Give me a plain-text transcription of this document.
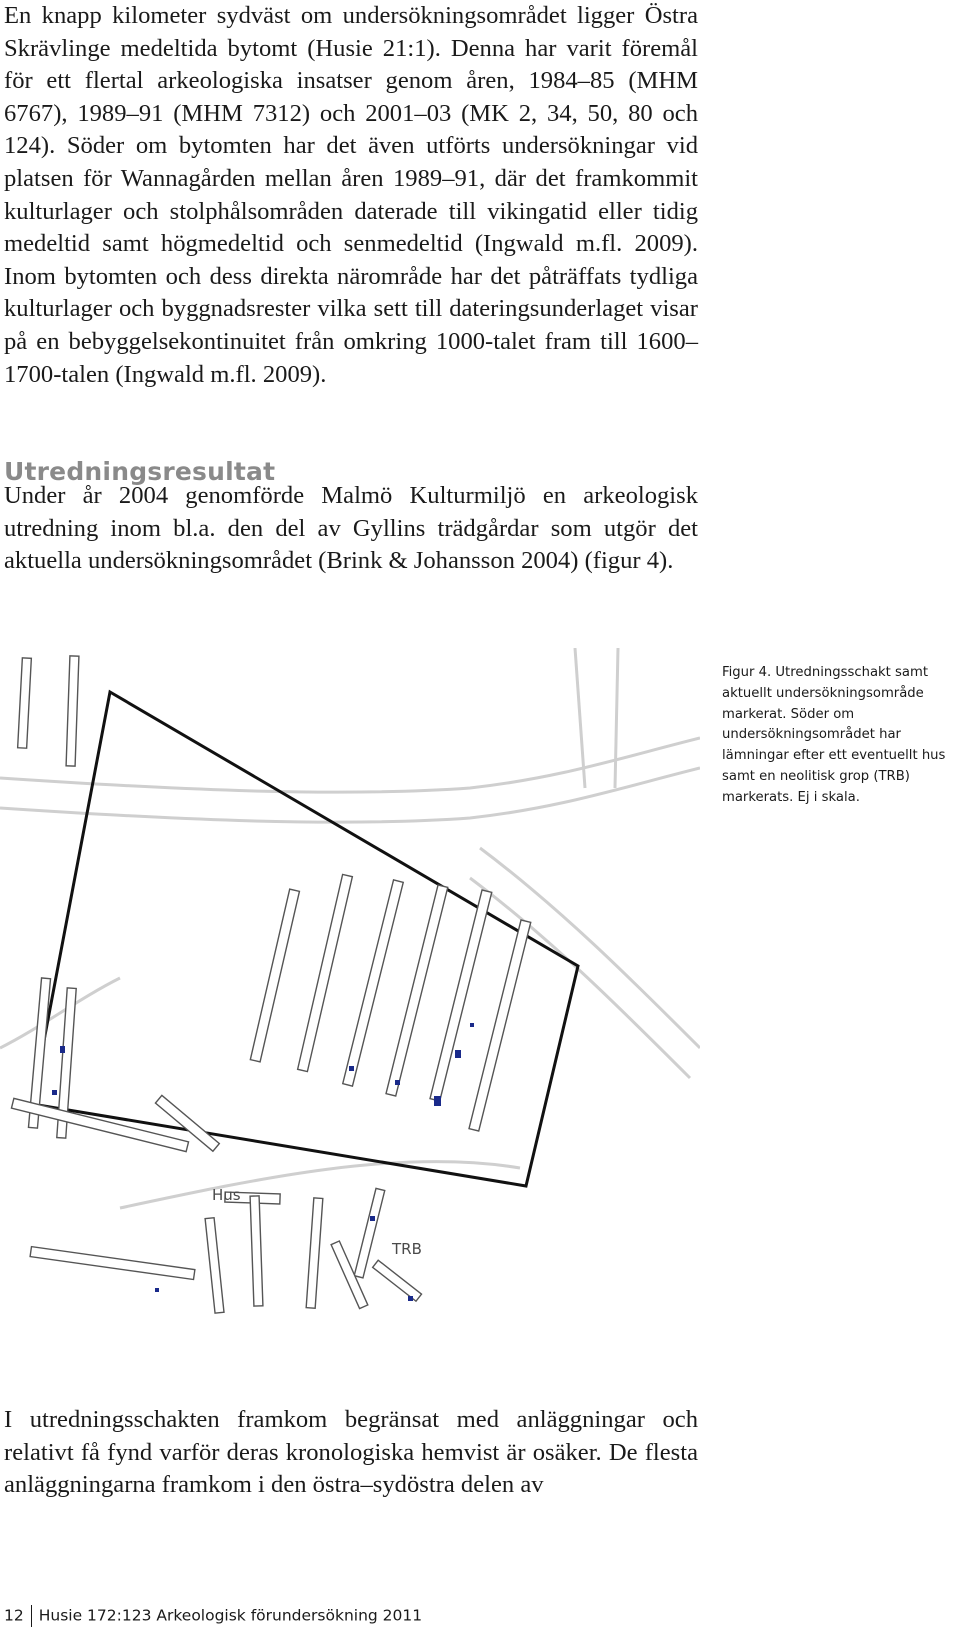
En knapp kilometer sydväst om undersökningsområdet ligger Östra Skrävlinge medeltida bytomt (Husie 21:1). Denna har varit föremål för ett flertal arkeologiska insatser genom åren, 1984–85 (MHM 6767), 1989–91 (MHM 7312) och 2001–03 (MK 2, 34, 50, 80 och 124). Söder om bytomten har det även utförts undersökningar vid platsen för Wannagården mellan åren 1989–91, där det framkommit kulturlager och stolphålsområden daterade till vikingatid eller tidig medeltid samt högmedeltid och senmedeltid (Ingwald m.fl. 2009). Inom bytomten och dess direkta närområde har det påträffats tydliga kulturlager och byggnadsrester vilka sett till dateringsunderlaget visar på en bebyggelsekontinuitet från omkring 1000-talet fram till 1600–1700-talen (Ingwald m.fl. 2009).

Utredningsresultat

Under år 2004 genomförde Malmö Kulturmiljö en arkeologisk utredning inom bl.a. den del av Gyllins trädgårdar som utgör det aktuella undersökningsområdet (Brink & Johansson 2004) (figur 4).

Hus
TRB

Figur 4. Utredningsschakt samt aktuellt undersökningsområde markerat. Söder om undersökningsområdet har lämningar efter ett eventuellt hus samt en neolitisk grop (TRB) markerats. Ej i skala.

I utredningsschakten framkom begränsat med anläggningar och relativt få fynd varför deras kronologiska hemvist är osäker. De flesta anläggningarna framkom i den östra–sydöstra delen av

12 Husie 172:123 Arkeologisk förundersökning 2011
